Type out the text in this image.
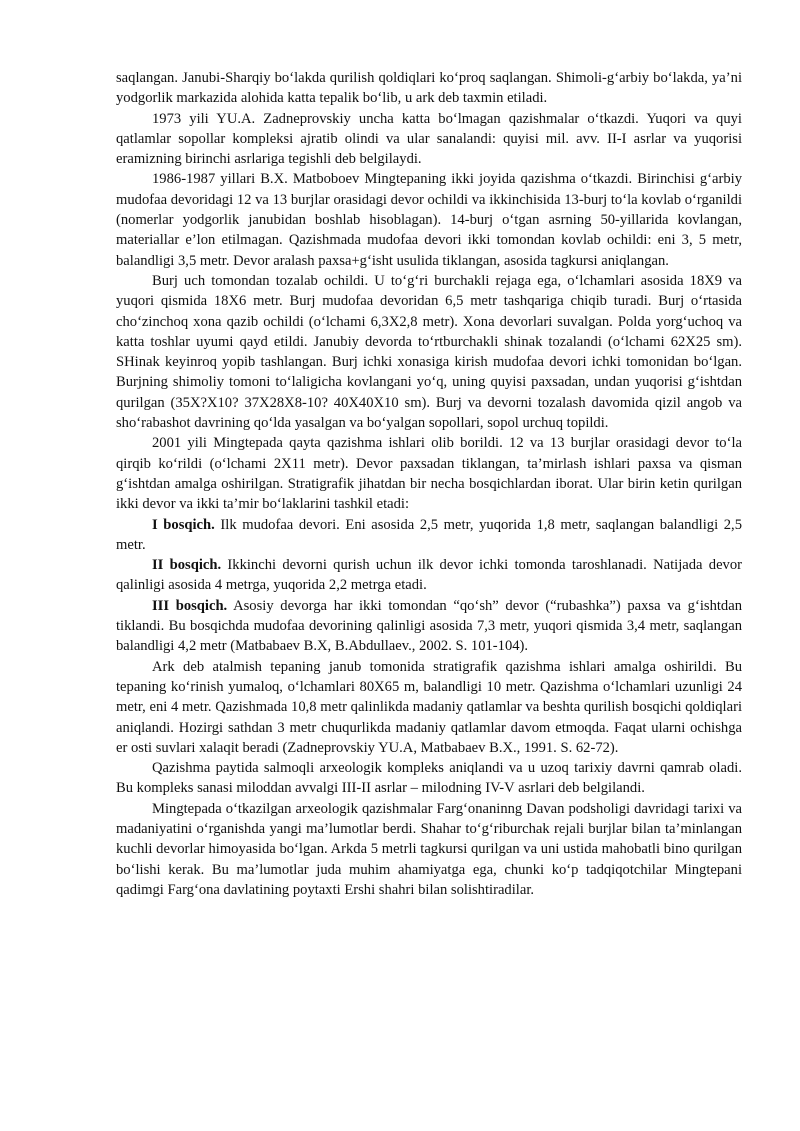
saqlangan. Janubi-Sharqiy bo‘lakda qurilish qoldiqlari ko‘proq saqlangan. Shimoli-g‘arbiy bo‘lakda, ya’ni yodgorlik markazida alohida katta tepalik bo‘lib, u ark deb taxmin etiladi.

1973 yili YU.A. Zadneprovskiy uncha katta bo‘lmagan qazishmalar o‘tkazdi. Yuqori va quyi qatlamlar sopollar kompleksi ajratib olindi va ular sanalandi: quyisi mil. avv. II-I asrlar va yuqorisi eramizning birinchi asrlariga tegishli deb belgilaydi.

1986-1987 yillari B.X. Matboboev Mingtepaning ikki joyida qazishma o‘tkazdi. Birinchisi g‘arbiy mudofaa devoridagi 12 va 13 burjlar orasidagi devor ochildi va ikkinchisida 13-burj to‘la kovlab o‘rganildi (nomerlar yodgorlik janubidan boshlab hisoblagan). 14-burj o‘tgan asrning 50-yillarida kovlangan, materiallar e’lon etilmagan. Qazishmada mudofaa devori ikki tomondan kovlab ochildi: eni 3, 5 metr, balandligi 3,5 metr. Devor aralash paxsa+g‘isht usulida tiklangan, asosida tagkursi aniqlangan.

Burj uch tomondan tozalab ochildi. U to‘g‘ri burchakli rejaga ega, o‘lchamlari asosida 18X9 va yuqori qismida 18X6 metr. Burj mudofaa devoridan 6,5 metr tashqariga chiqib turadi. Burj o‘rtasida cho‘zinchoq xona qazib ochildi (o‘lchami 6,3X2,8 metr). Xona devorlari suvalgan. Polda yorg‘uchoq va katta toshlar uyumi qayd etildi. Janubiy devorda to‘rtburchakli shinak tozalandi (o‘lchami 62X25 sm). SHinak keyinroq yopib tashlangan. Burj ichki xonasiga kirish mudofaa devori ichki tomonidan bo‘lgan. Burjning shimoliy tomoni to‘laligicha kovlangani yo‘q, uning quyisi paxsadan, undan yuqorisi g‘ishtdan qurilgan (35X?X10? 37X28X8-10? 40X40X10 sm). Burj va devorni tozalash davomida qizil angob va sho‘rabashot davrining qo‘lda yasalgan va bo‘yalgan sopollari, sopol urchuq topildi.

2001 yili Mingtepada qayta qazishma ishlari olib borildi. 12 va 13 burjlar orasidagi devor to‘la qirqib ko‘rildi (o‘lchami 2X11 metr). Devor paxsadan tiklangan, ta’mirlash ishlari paxsa va qisman g‘ishtdan amalga oshirilgan. Stratigrafik jihatdan bir necha bosqichlardan iborat. Ular birin ketin qurilgan ikki devor va ikki ta’mir bo‘laklarini tashkil etadi:

I bosqich. Ilk mudofaa devori. Eni asosida 2,5 metr, yuqorida 1,8 metr, saqlangan balandligi 2,5 metr.

II bosqich. Ikkinchi devorni qurish uchun ilk devor ichki tomonda taroshlanadi. Natijada devor qalinligi asosida 4 metrga, yuqorida 2,2 metrga etadi.

III bosqich. Asosiy devorga har ikki tomondan “qo‘sh” devor (“rubashka”) paxsa va g‘ishtdan tiklandi. Bu bosqichda mudofaa devorining qalinligi asosida 7,3 metr, yuqori qismida 3,4 metr, saqlangan balandligi 4,2 metr (Matbabaev B.X, B.Abdullaev., 2002. S. 101-104).

Ark deb atalmish tepaning janub tomonida stratigrafik qazishma ishlari amalga oshirildi. Bu tepaning ko‘rinish yumaloq, o‘lchamlari 80X65 m, balandligi 10 metr. Qazishma o‘lchamlari uzunligi 24 metr, eni 4 metr. Qazishmada 10,8 metr qalinlikda madaniy qatlamlar va beshta qurilish bosqichi qoldiqlari aniqlandi. Hozirgi sathdan 3 metr chuqurlikda madaniy qatlamlar davom etmoqda. Faqat ularni ochishga er osti suvlari xalaqit beradi (Zadneprovskiy YU.A, Matbabaev B.X., 1991. S. 62-72).

Qazishma paytida salmoqli arxeologik kompleks aniqlandi va u uzoq tarixiy davrni qamrab oladi. Bu kompleks sanasi miloddan avvalgi III-II asrlar – milodning IV-V asrlari deb belgilandi.

Mingtepada o‘tkazilgan arxeologik qazishmalar Farg‘onaninng Davan podsholigi davridagi tarixi va madaniyatini o‘rganishda yangi ma’lumotlar berdi. Shahar to‘g‘riburchak rejali burjlar bilan ta’minlangan kuchli devorlar himoyasida bo‘lgan. Arkda 5 metrli tagkursi qurilgan va uni ustida mahobatli bino qurilgan bo‘lishi kerak. Bu ma’lumotlar juda muhim ahamiyatga ega, chunki ko‘p tadqiqotchilar Mingtepani qadimgi Farg‘ona davlatining poytaxti Ershi shahri bilan solishtiradilar.
